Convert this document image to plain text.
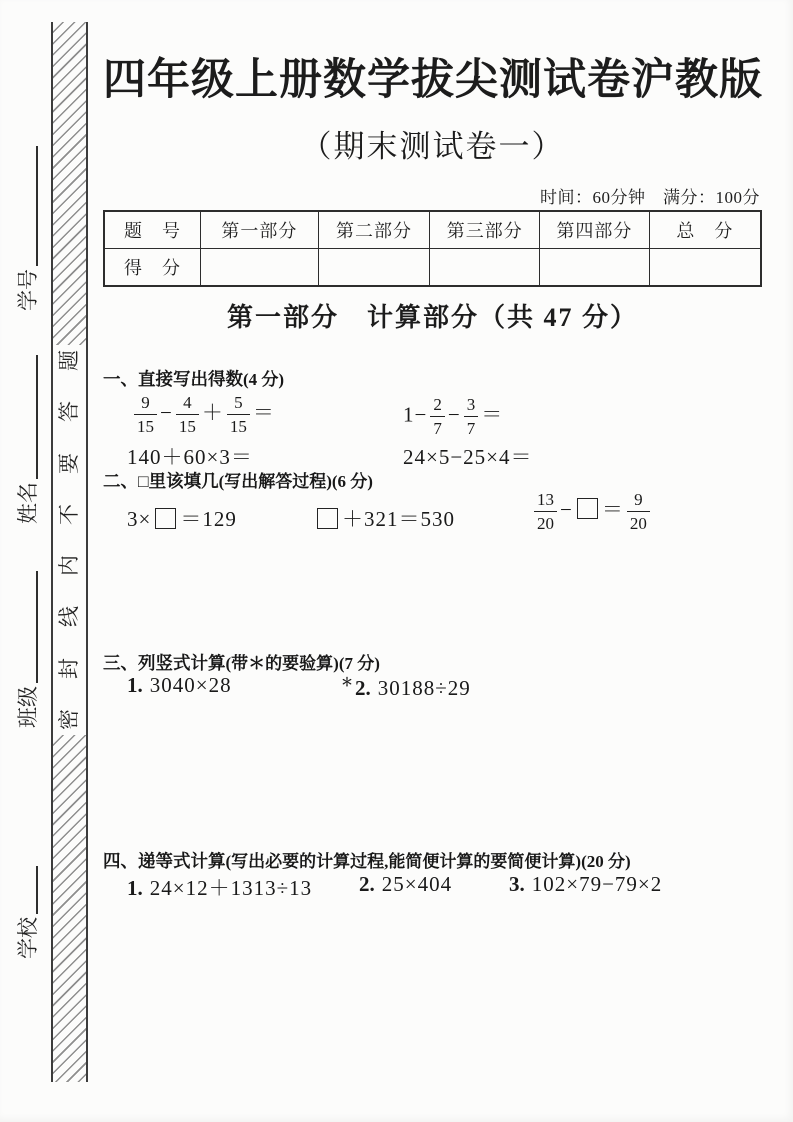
学号
姓名
班级
学校
题
答
要
不
内
线
封
密
四年级上册数学拔尖测试卷沪教版
（期末测试卷一）
时间：60分钟　满分：100分
题　号	第一部分	第二部分	第三部分	第四部分	总　分
得　分					
第一部分　计算部分（共 47 分）
一、直接写出得数(4 分)
$\frac{9}{15} - \frac{4}{15} + \frac{5}{15}$ ＝	$1- \frac{2}{7} - \frac{3}{7}$ ＝
140＋60×3＝	24×5−25×4＝
二、□里该填几(写出解答过程)(6 分)
3× ＝129	＋321＝530	$\frac{13}{20}$ − ＝ $\frac{9}{20}$
三、列竖式计算(带＊的要验算)(7 分)
1. 3040×28	＊2. 30188÷29
四、递等式计算(写出必要的计算过程,能简便计算的要简便计算)(20 分)
1. 24×12＋1313÷13 2. 25×404	3. 102×79−79×2
